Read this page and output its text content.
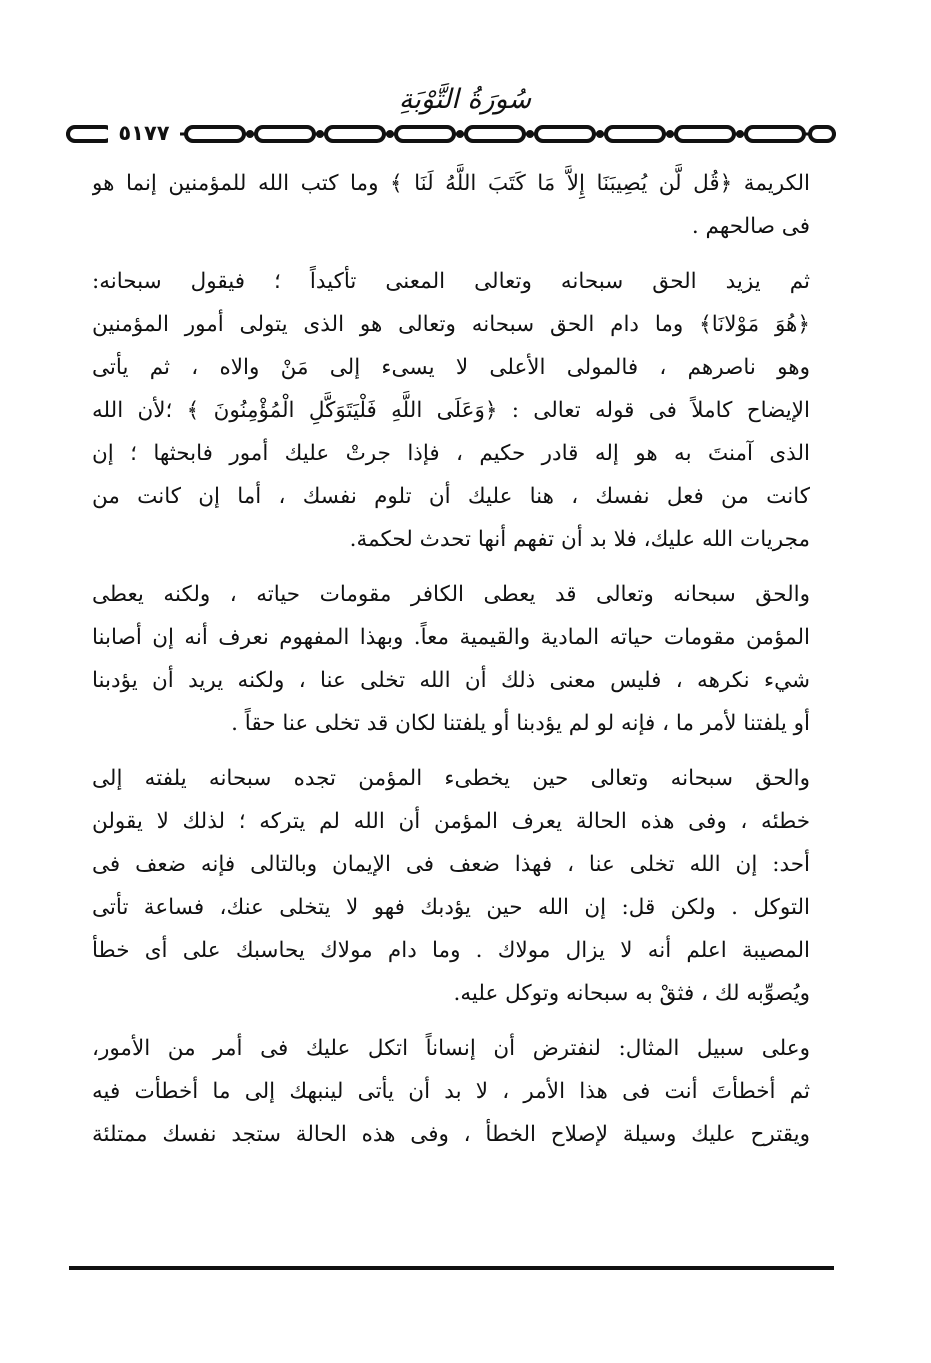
سُورَةُ التَّوْبَةِ
٥١٧٧
الكريمة ﴿قُل لَّن يُصِيبَنَا إِلاَّ مَا كَتَبَ اللَّهُ لَنَا ﴾ وما كتب الله للمؤمنين إنما هو
فى صالحهم .
ثم يزيد الحق سبحانه وتعالى المعنى تأكيداً ؛ فيقول سبحانه:
﴿هُوَ مَوْلانَا﴾ وما دام الحق سبحانه وتعالى هو الذى يتولى أمور المؤمنين
وهو ناصرهم ، فالمولى الأعلى لا يسىء إلى مَنْ والاه ، ثم يأتى
الإيضاح كاملاً فى قوله تعالى : ﴿وَعَلَى اللَّهِ فَلْيَتَوَكَّلِ الْمُؤْمِنُونَ ﴾ ؛لأن الله
الذى آمنتَ به هو إله قادر حكيم ، فإذا جرتْ عليك أمور فابحثها ؛ إن
كانت من فعل نفسك ، هنا عليك أن تلوم نفسك ، أما إن كانت من
مجريات الله عليك، فلا بد أن تفهم أنها تحدث لحكمة.
والحق سبحانه وتعالى قد يعطى الكافر مقومات حياته ، ولكنه يعطى
المؤمن مقومات حياته المادية والقيمية معاً. وبهذا المفهوم نعرف أنه إن أصابنا
شيء نكرهه ، فليس معنى ذلك أن الله تخلى عنا ، ولكنه يريد أن يؤدبنا
أو يلفتنا لأمر ما ، فإنه لو لم يؤدبنا أو يلفتنا لكان قد تخلى عنا حقاً .
والحق سبحانه وتعالى حين يخطىء المؤمن تجده سبحانه يلفته إلى
خطئه ، وفى هذه الحالة يعرف المؤمن أن الله لم يتركه ؛ لذلك لا يقولن
أحد: إن الله تخلى عنا ، فهذا ضعف فى الإيمان وبالتالى فإنه ضعف فى
التوكل . ولكن قل: إن الله حين يؤدبك فهو لا يتخلى عنك، فساعة تأتى
المصيبة اعلم أنه لا يزال مولاك . وما دام مولاك يحاسبك على أى خطأ
ويُصوِّبه لك ، فثقْ به سبحانه وتوكل عليه.
وعلى سبيل المثال: لنفترض أن إنساناً اتكل عليك فى أمر من الأمور،
ثم أخطأتَ أنت فى هذا الأمر ، لا بد أن يأتى لينبهك إلى ما أخطأت فيه
ويقترح عليك وسيلة لإصلاح الخطأ ، وفى هذه الحالة ستجد نفسك ممتلئة
